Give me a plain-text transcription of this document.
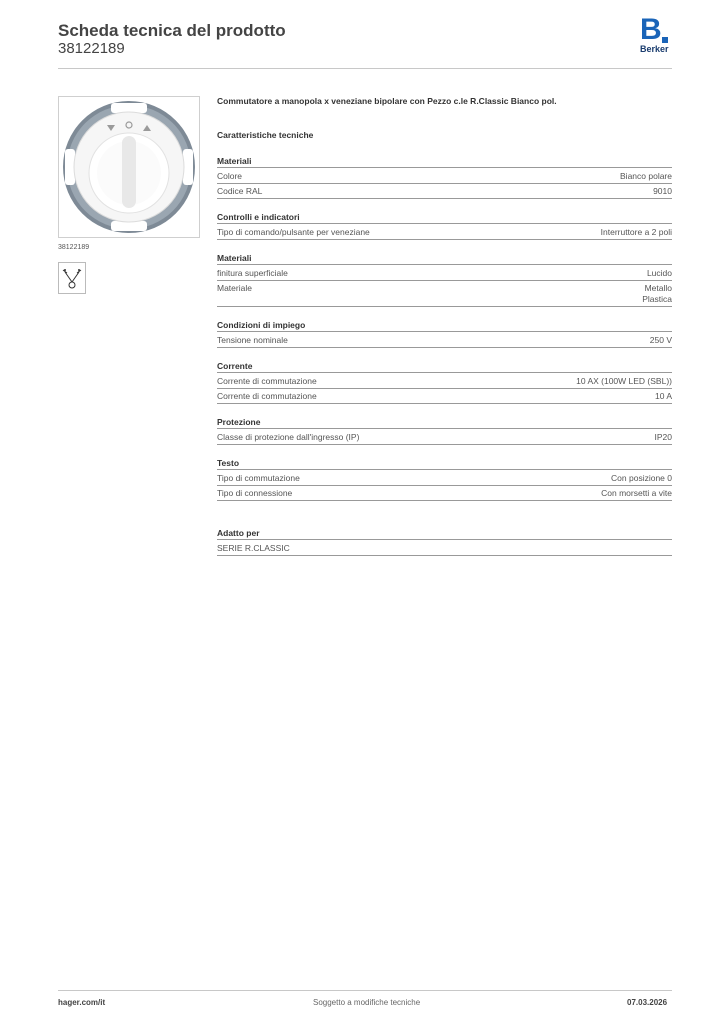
Scheda tecnica del prodotto
38122189
B
Berker
38122189
Commutatore a manopola x veneziane bipolare con Pezzo c.le R.Classic Bianco pol.
Caratteristiche tecniche
Materiali
Colore	Bianco polare
Codice RAL	9010
Controlli e indicatori
Tipo di comando/pulsante per veneziane	Interruttore a 2 poli
Materiali
finitura superficiale	Lucido
Materiale	Metallo
Plastica
Condizioni di impiego
Tensione nominale	250 V
Corrente
Corrente di commutazione	10 AX (100W LED (SBL))
Corrente di commutazione	10 A
Protezione
Classe di protezione dall'ingresso (IP)	IP20
Testo
Tipo di commutazione	Con posizione 0
Tipo di connessione	Con morsetti a vite
Adatto per
SERIE R.CLASSIC
hager.com/it	Soggetto a modifiche tecniche	07.03.2026
